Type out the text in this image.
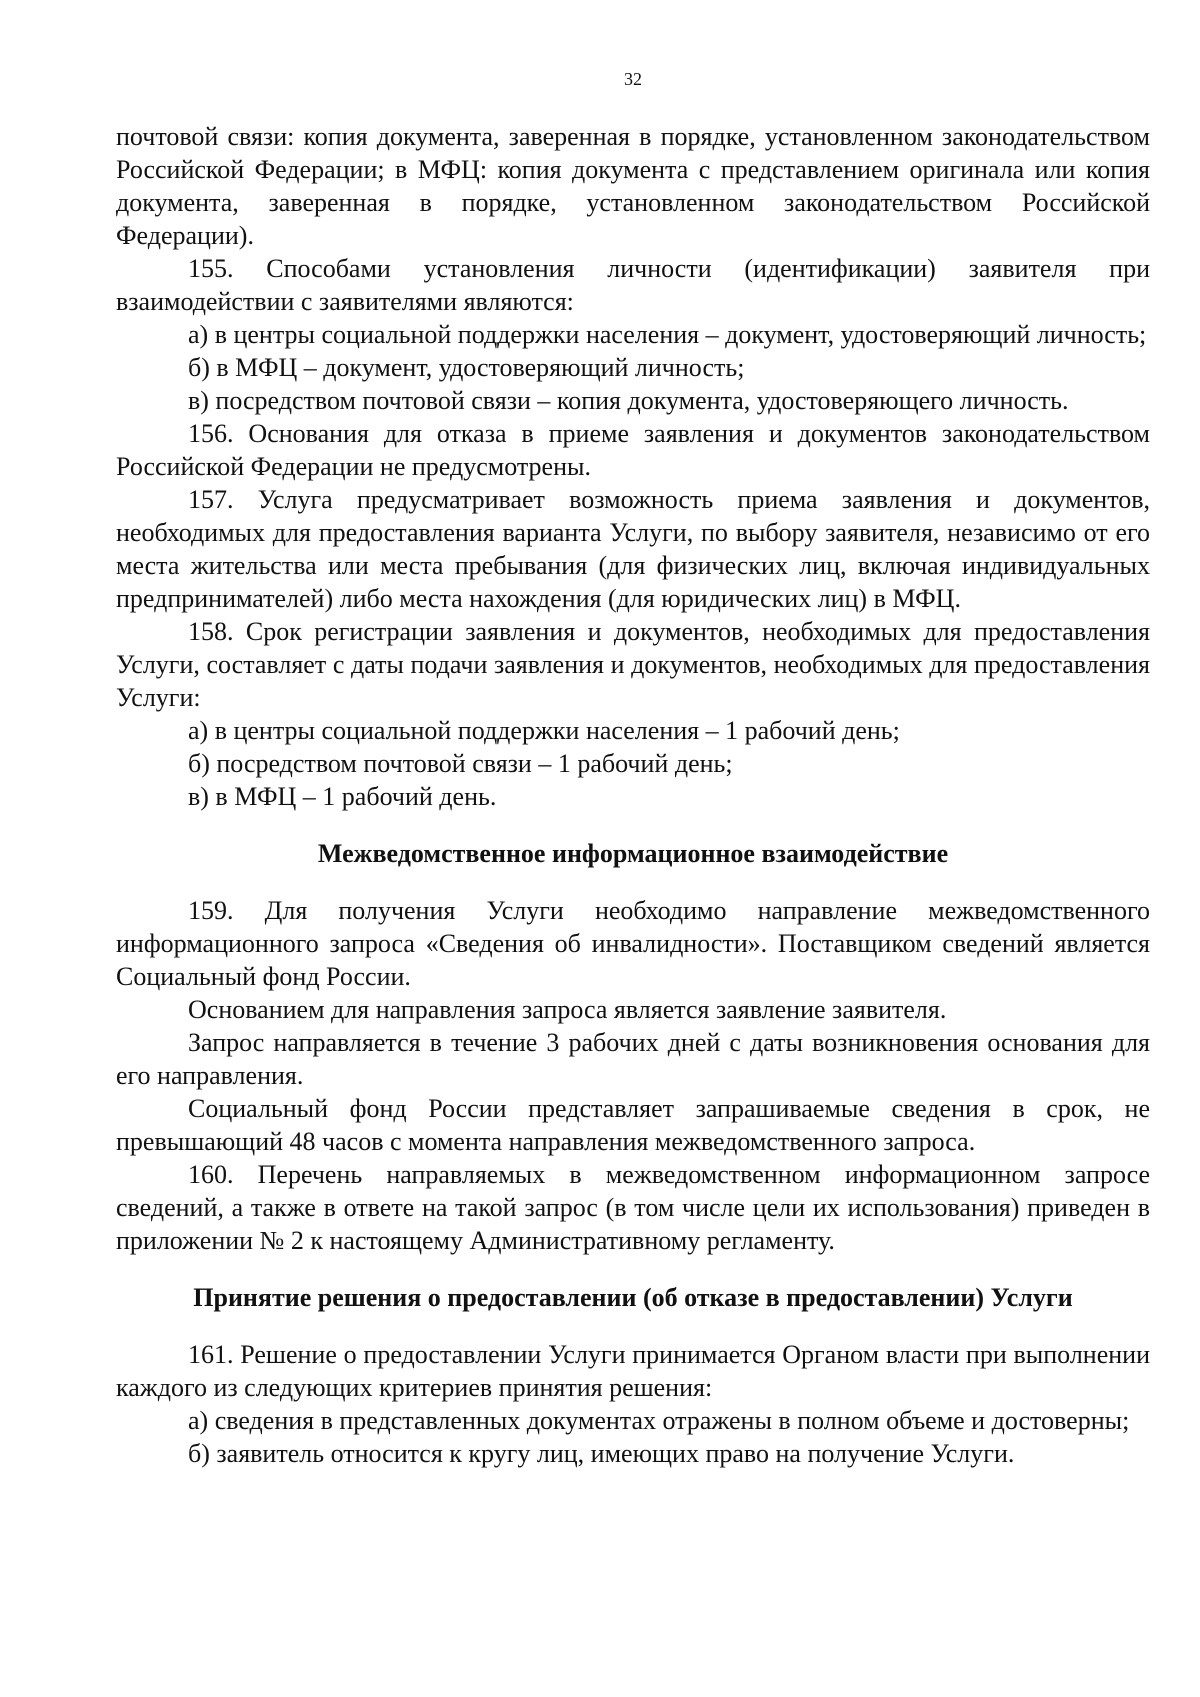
32

почтовой связи: копия документа, заверенная в порядке, установленном законодательством Российской Федерации; в МФЦ: копия документа с представлением оригинала или копия документа, заверенная в порядке, установленном законодательством Российской Федерации).

155. Способами установления личности (идентификации) заявителя при взаимодействии с заявителями являются:

а) в центры социальной поддержки населения – документ, удостоверяющий личность;

б) в МФЦ – документ, удостоверяющий личность;

в) посредством почтовой связи – копия документа, удостоверяющего личность.

156. Основания для отказа в приеме заявления и документов законодательством Российской Федерации не предусмотрены.

157. Услуга предусматривает возможность приема заявления и документов, необходимых для предоставления варианта Услуги, по выбору заявителя, независимо от его места жительства или места пребывания (для физических лиц, включая индивидуальных предпринимателей) либо места нахождения (для юридических лиц) в МФЦ.

158. Срок регистрации заявления и документов, необходимых для предоставления Услуги, составляет с даты подачи заявления и документов, необходимых для предоставления Услуги:

а) в центры социальной поддержки населения – 1 рабочий день;

б) посредством почтовой связи – 1 рабочий день;

в) в МФЦ – 1 рабочий день.

Межведомственное информационное взаимодействие

159. Для получения Услуги необходимо направление межведомственного информационного запроса «Сведения об инвалидности». Поставщиком сведений является Социальный фонд России.

Основанием для направления запроса является заявление заявителя.

Запрос направляется в течение 3 рабочих дней с даты возникновения основания для его направления.

Социальный фонд России представляет запрашиваемые сведения в срок, не превышающий 48 часов с момента направления межведомственного запроса.

160. Перечень направляемых в межведомственном информационном запросе сведений, а также в ответе на такой запрос (в том числе цели их использования) приведен в приложении № 2 к настоящему Административному регламенту.

Принятие решения о предоставлении (об отказе в предоставлении) Услуги

161. Решение о предоставлении Услуги принимается Органом власти при выполнении каждого из следующих критериев принятия решения:

а) сведения в представленных документах отражены в полном объеме и достоверны;

б) заявитель относится к кругу лиц, имеющих право на получение Услуги.
